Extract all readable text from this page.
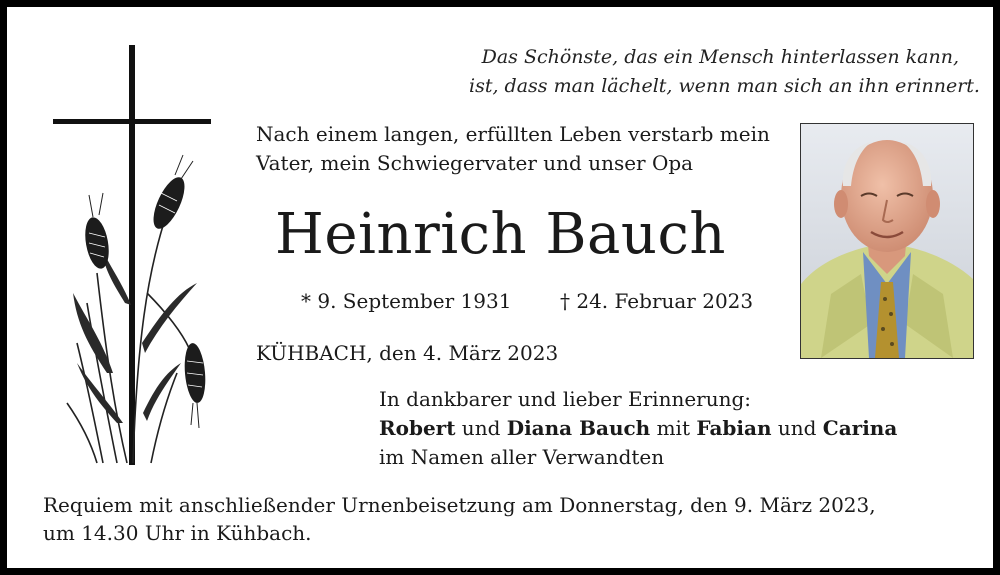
Das Schönste, das ein Mensch hinterlassen kann,
ist, dass man lächelt, wenn man sich an ihn erinnert.
Nach einem langen, erfüllten Leben verstarb mein
Vater, mein Schwiegervater und unser Opa
Heinrich Bauch
* 9. September 1931 † 24. Februar 2023
KÜHBACH, den 4. März 2023
In dankbarer und lieber Erinnerung:
Robert und Diana Bauch mit Fabian und Carina
im Namen aller Verwandten
Requiem mit anschließender Urnenbeisetzung am Donnerstag, den 9. März 2023,
um 14.30 Uhr in Kühbach.
